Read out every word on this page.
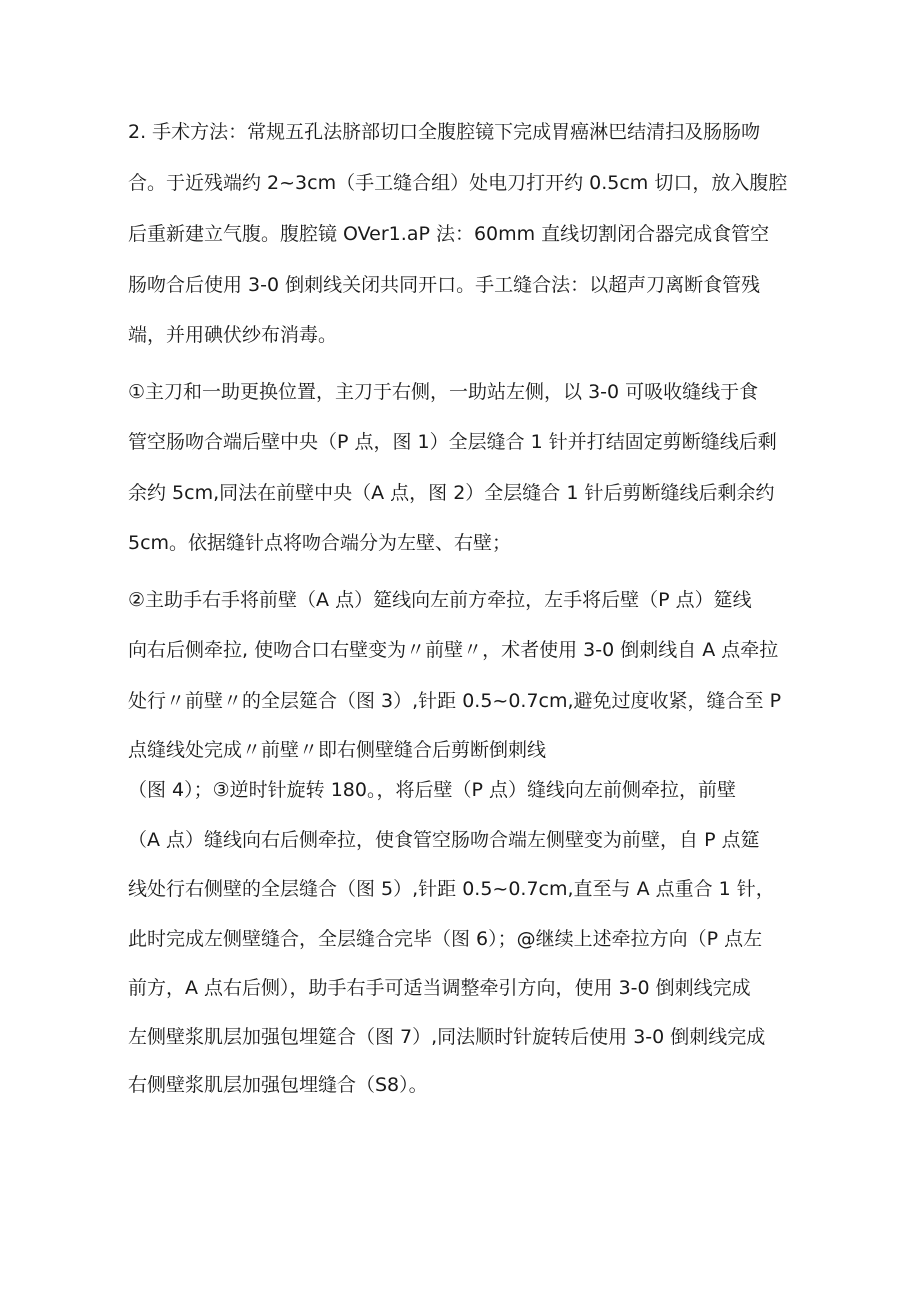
2. 手术方法：常规五孔法脐部切口全腹腔镜下完成胃癌淋巴结清扫及肠肠吻
合。于近残端约 2~3cm（手工缝合组）处电刀打开约 0.5cm 切口，放入腹腔
后重新建立气腹。腹腔镜 OVer1.aP 法：60mm 直线切割闭合器完成食管空
肠吻合后使用 3-0 倒刺线关闭共同开口。手工缝合法：以超声刀离断食管残
端，并用碘伏纱布消毒。
①主刀和一助更换位置，主刀于右侧，一助站左侧，以 3-0 可吸收缝线于食
管空肠吻合端后壁中央（P 点，图 1）全层缝合 1 针并打结固定剪断缝线后剩
余约 5cm,同法在前壁中央（A 点，图 2）全层缝合 1 针后剪断缝线后剩余约
5cm。依据缝针点将吻合端分为左壁、右壁；
②主助手右手将前壁（A 点）筵线向左前方牵拉，左手将后壁（P 点）筵线
向右后侧牵拉, 使吻合口右壁变为〃前壁〃，术者使用 3-0 倒刺线自 A 点牵拉
处行〃前壁〃的全层筵合（图 3）,针距 0.5~0.7cm,避免过度收紧，缝合至 P
点缝线处完成〃前壁〃即右侧壁缝合后剪断倒刺线
（图 4）；③逆时针旋转 180。，将后壁（P 点）缝线向左前侧牵拉，前壁
（A 点）缝线向右后侧牵拉，使食管空肠吻合端左侧壁变为前壁，自 P 点筵
线处行右侧壁的全层缝合（图 5）,针距 0.5~0.7cm,直至与 A 点重合 1 针，
此时完成左侧壁缝合，全层缝合完毕（图 6）；@继续上述牵拉方向（P 点左
前方，A 点右后侧），助手右手可适当调整牵引方向，使用 3-0 倒刺线完成
左侧壁浆肌层加强包埋筵合（图 7）,同法顺时针旋转后使用 3-0 倒刺线完成
右侧壁浆肌层加强包埋缝合（S8）。
